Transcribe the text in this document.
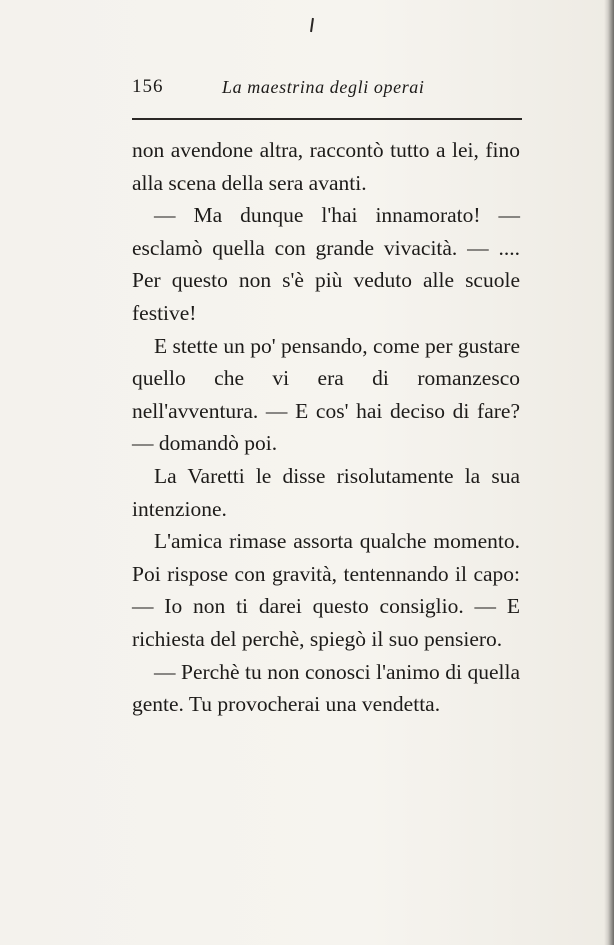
156	La maestrina degli operai

non avendone altra, raccontò tutto a lei, fino alla scena della sera avanti.

— Ma dunque l'hai innamorato! — esclamò quella con grande vivacità. — .... Per questo non s'è più veduto alle scuole festive!

E stette un po' pensando, come per gustare quello che vi era di romanzesco nell'avventura. — E cos' hai deciso di fare? — domandò poi.

La Varetti le disse risolutamente la sua intenzione.

L'amica rimase assorta qualche momento. Poi rispose con gravità, tentennando il capo: — Io non ti darei questo consiglio. — E richiesta del perchè, spiegò il suo pensiero.

— Perchè tu non conosci l'animo di quella gente. Tu provocherai una vendetta.
